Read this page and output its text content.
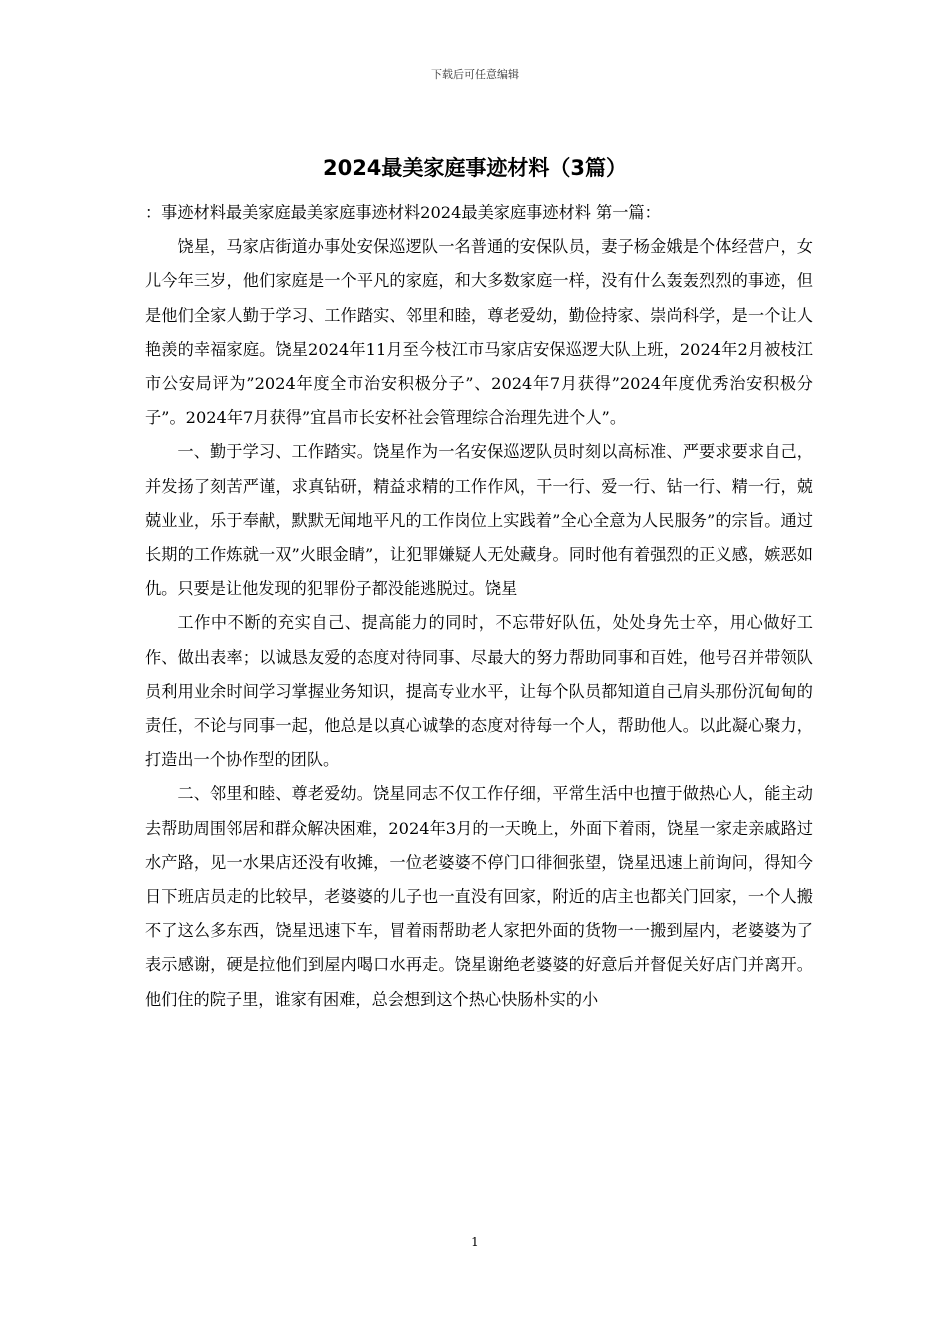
下载后可任意编辑
2024最美家庭事迹材料（3篇）

：事迹材料最美家庭最美家庭事迹材料2024最美家庭事迹材料 第一篇：

饶星，马家店街道办事处安保巡逻队一名普通的安保队员，妻子杨金娥是个体经营户，女儿今年三岁，他们家庭是一个平凡的家庭，和大多数家庭一样，没有什么轰轰烈烈的事迹，但是他们全家人勤于学习、工作踏实、邻里和睦，尊老爱幼，勤俭持家、崇尚科学，是一个让人艳羡的幸福家庭。饶星2024年11月至今枝江市马家店安保巡逻大队上班，2024年2月被枝江市公安局评为”2024年度全市治安积极分子”、2024年7月获得”2024年度优秀治安积极分子”。2024年7月获得”宜昌市长安杯社会管理综合治理先进个人”。

一、勤于学习、工作踏实。饶星作为一名安保巡逻队员时刻以高标准、严要求要求自己，并发扬了刻苦严谨，求真钻研，精益求精的工作作风，干一行、爱一行、钻一行、精一行，兢兢业业，乐于奉献，默默无闻地平凡的工作岗位上实践着”全心全意为人民服务”的宗旨。通过长期的工作炼就一双”火眼金睛”，让犯罪嫌疑人无处藏身。同时他有着强烈的正义感，嫉恶如仇。只要是让他发现的犯罪份子都没能逃脱过。饶星

工作中不断的充实自己、提高能力的同时，不忘带好队伍，处处身先士卒，用心做好工作、做出表率；以诚恳友爱的态度对待同事、尽最大的努力帮助同事和百姓，他号召并带领队员利用业余时间学习掌握业务知识，提高专业水平，让每个队员都知道自己肩头那份沉甸甸的责任，不论与同事一起，他总是以真心诚挚的态度对待每一个人，帮助他人。以此凝心聚力，打造出一个协作型的团队。

二、邻里和睦、尊老爱幼。饶星同志不仅工作仔细，平常生活中也擅于做热心人，能主动去帮助周围邻居和群众解决困难，2024年3月的一天晚上，外面下着雨，饶星一家走亲戚路过水产路，见一水果店还没有收摊，一位老婆婆不停门口徘徊张望，饶星迅速上前询问，得知今日下班店员走的比较早，老婆婆的儿子也一直没有回家，附近的店主也都关门回家，一个人搬不了这么多东西，饶星迅速下车，冒着雨帮助老人家把外面的货物一一搬到屋内，老婆婆为了表示感谢，硬是拉他们到屋内喝口水再走。饶星谢绝老婆婆的好意后并督促关好店门并离开。他们住的院子里，谁家有困难，总会想到这个热心快肠朴实的小

1
